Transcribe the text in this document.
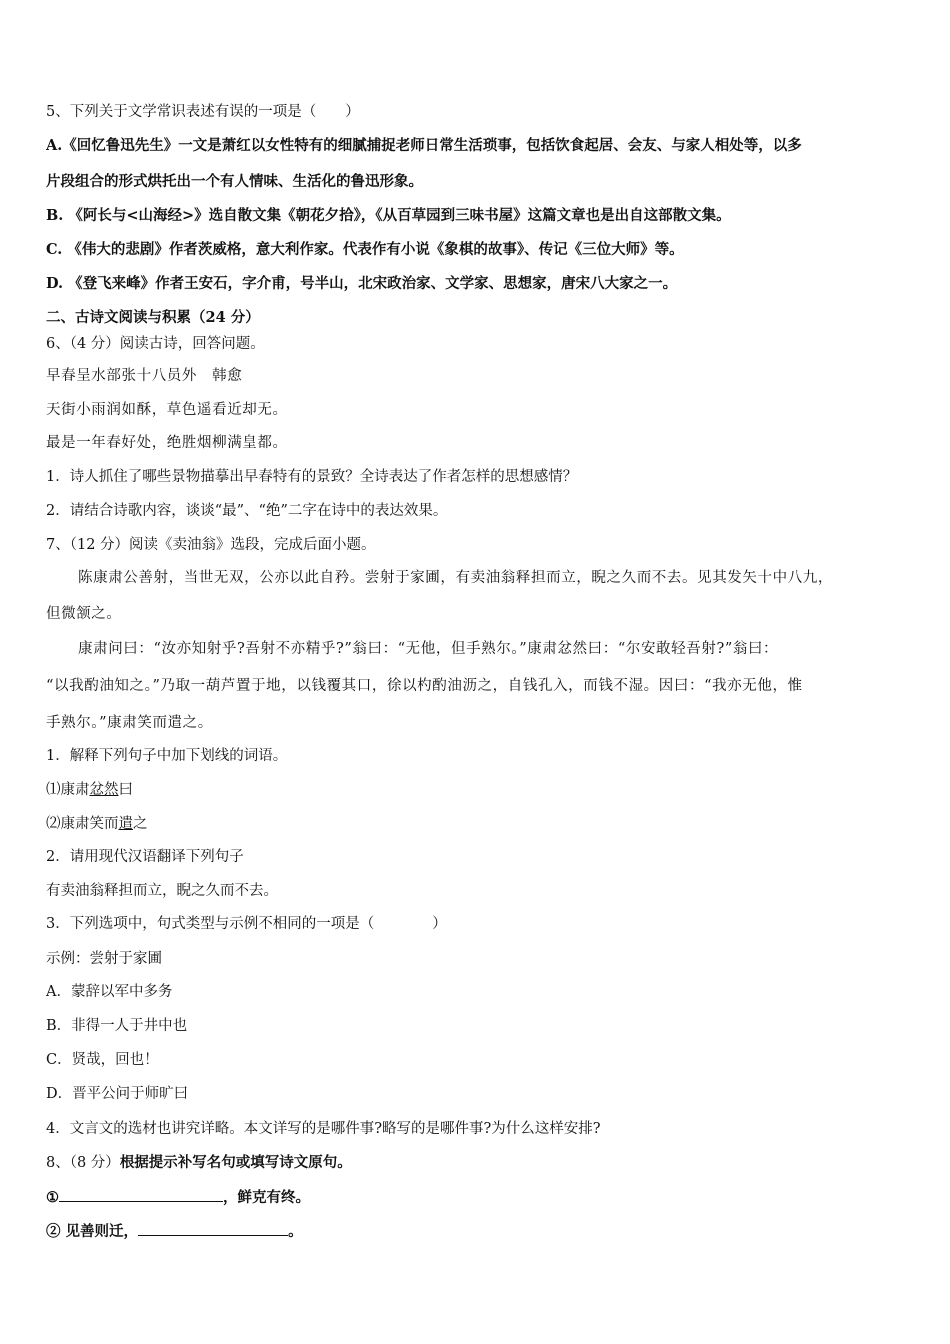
5、下列关于文学常识表述有误的一项是（　　）
A.《回忆鲁迅先生》一文是萧红以女性特有的细腻捕捉老师日常生活琐事，包括饮食起居、会友、与家人相处等，以多
片段组合的形式烘托出一个有人情味、生活化的鲁迅形象。
B. 《阿长与<山海经>》选自散文集《朝花夕拾》，《从百草园到三味书屋》这篇文章也是出自这部散文集。
C. 《伟大的悲剧》作者茨威格，意大利作家。代表作有小说《象棋的故事》、传记《三位大师》等。
D. 《登飞来峰》作者王安石，字介甫，号半山，北宋政治家、文学家、思想家，唐宋八大家之一。
二、古诗文阅读与积累（24 分）
6、（4 分）阅读古诗，回答问题。
早春呈水部张十八员外　韩愈
天街小雨润如酥，草色遥看近却无。
最是一年春好处，绝胜烟柳满皇都。
1．诗人抓住了哪些景物描摹出早春特有的景致？全诗表达了作者怎样的思想感情？
2．请结合诗歌内容，谈谈“最”、“绝”二字在诗中的表达效果。
7、（12 分）阅读《卖油翁》选段，完成后面小题。
陈康肃公善射，当世无双，公亦以此自矜。尝射于家圃，有卖油翁释担而立，睨之久而不去。见其发矢十中八九，
但微颔之。
康肃问曰：“汝亦知射乎?吾射不亦精乎?”翁曰：“无他，但手熟尔。”康肃忿然曰：“尔安敢轻吾射?”翁曰：
“以我酌油知之。”乃取一葫芦置于地，以钱覆其口，徐以杓酌油沥之，自钱孔入，而钱不湿。因曰：“我亦无他，惟
手熟尔。”康肃笑而遣之。
1．解释下列句子中加下划线的词语。
⑴康肃忿然曰
⑵康肃笑而遣之
2．请用现代汉语翻译下列句子
有卖油翁释担而立，睨之久而不去。
3．下列选项中，句式类型与示例不相同的一项是（　　　　）
示例：尝射于家圃
A．蒙辞以军中多务
B．非得一人于井中也
C．贤哉，回也！
D．晋平公问于师旷曰
4．文言文的选材也讲究详略。本文详写的是哪件事?略写的是哪件事?为什么这样安排?
8、（8 分）根据提示补写名句或填写诗文原句。
①	，鲜克有终。
② 见善则迁，	。
